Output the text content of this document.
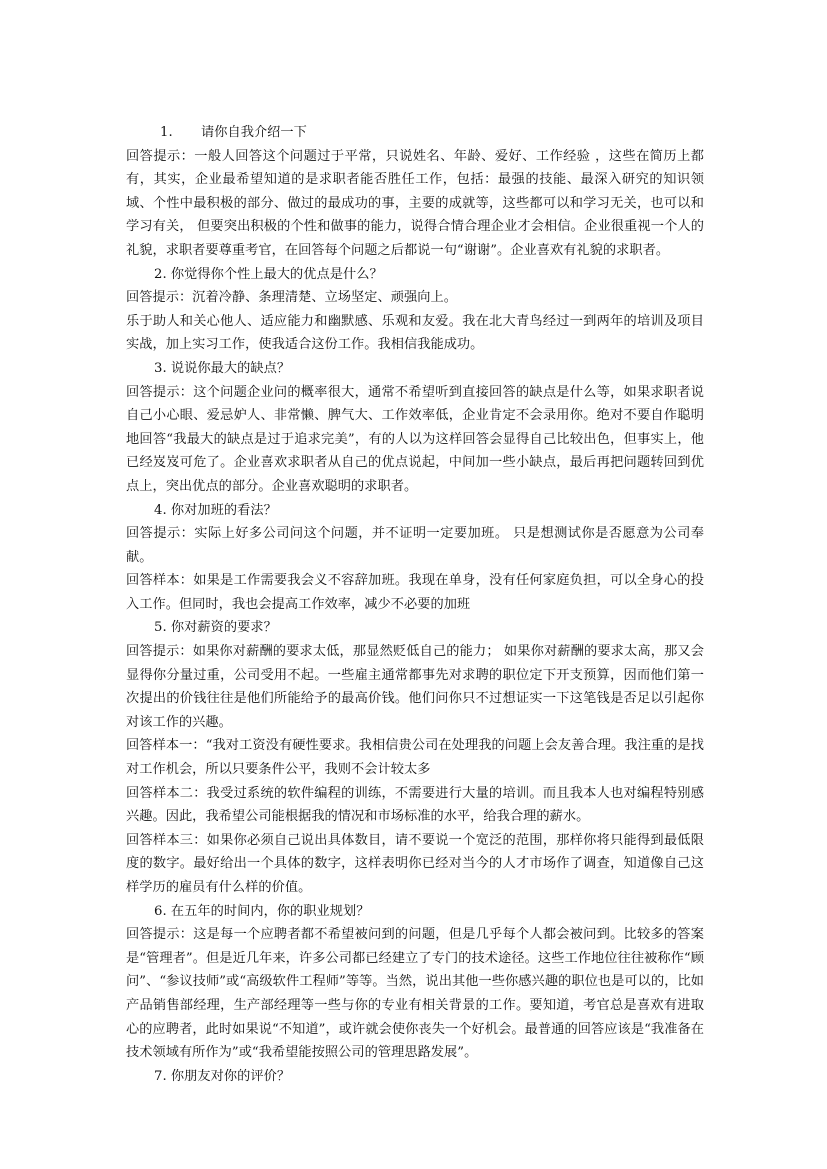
1. 请你自我介绍一下

回答提示：一般人回答这个问题过于平常，只说姓名、年龄、爱好、工作经验 ，这些在简历上都有，其实，企业最希望知道的是求职者能否胜任工作，包括：最强的技能、最深入研究的知识领域、个性中最积极的部分、做过的最成功的事，主要的成就等，这些都可以和学习无关，也可以和学习有关， 但要突出积极的个性和做事的能力，说得合情合理企业才会相信。企业很重视一个人的礼貌，求职者要尊重考官，在回答每个问题之后都说一句“谢谢”。企业喜欢有礼貌的求职者。

2. 你觉得你个性上最大的优点是什么？

回答提示：沉着冷静、条理清楚、立场坚定、顽强向上。

乐于助人和关心他人、适应能力和幽默感、乐观和友爱。我在北大青鸟经过一到两年的培训及项目实战，加上实习工作，使我适合这份工作。我相信我能成功。

3. 说说你最大的缺点？

回答提示：这个问题企业问的概率很大，通常不希望听到直接回答的缺点是什么等，如果求职者说自己小心眼、爱忌妒人、非常懒、脾气大、工作效率低，企业肯定不会录用你。绝对不要自作聪明地回答“我最大的缺点是过于追求完美”，有的人以为这样回答会显得自己比较出色，但事实上，他已经岌岌可危了。企业喜欢求职者从自己的优点说起，中间加一些小缺点，最后再把问题转回到优点上，突出优点的部分。企业喜欢聪明的求职者。

4. 你对加班的看法？

回答提示：实际上好多公司问这个问题，并不证明一定要加班。 只是想测试你是否愿意为公司奉献。

回答样本：如果是工作需要我会义不容辞加班。我现在单身，没有任何家庭负担，可以全身心的投入工作。但同时，我也会提高工作效率，减少不必要的加班

5. 你对薪资的要求？

回答提示：如果你对薪酬的要求太低，那显然贬低自己的能力； 如果你对薪酬的要求太高，那又会显得你分量过重，公司受用不起。一些雇主通常都事先对求聘的职位定下开支预算，因而他们第一次提出的价钱往往是他们所能给予的最高价钱。他们问你只不过想证实一下这笔钱是否足以引起你对该工作的兴趣。

回答样本一：“我对工资没有硬性要求。我相信贵公司在处理我的问题上会友善合理。我注重的是找对工作机会，所以只要条件公平，我则不会计较太多

回答样本二：我受过系统的软件编程的训练，不需要进行大量的培训。而且我本人也对编程特别感兴趣。因此，我希望公司能根据我的情况和市场标准的水平，给我合理的薪水。

回答样本三：如果你必须自己说出具体数目，请不要说一个宽泛的范围，那样你将只能得到最低限度的数字。最好给出一个具体的数字，这样表明你已经对当今的人才市场作了调查，知道像自己这样学历的雇员有什么样的价值。

6. 在五年的时间内，你的职业规划？

回答提示：这是每一个应聘者都不希望被问到的问题，但是几乎每个人都会被问到。比较多的答案是“管理者”。但是近几年来，许多公司都已经建立了专门的技术途径。这些工作地位往往被称作“顾问”、“参议技师”或“高级软件工程师”等等。当然，说出其他一些你感兴趣的职位也是可以的，比如产品销售部经理，生产部经理等一些与你的专业有相关背景的工作。要知道，考官总是喜欢有进取心的应聘者，此时如果说“不知道”，或许就会使你丧失一个好机会。最普通的回答应该是“我准备在技术领域有所作为”或“我希望能按照公司的管理思路发展”。

7. 你朋友对你的评价？
